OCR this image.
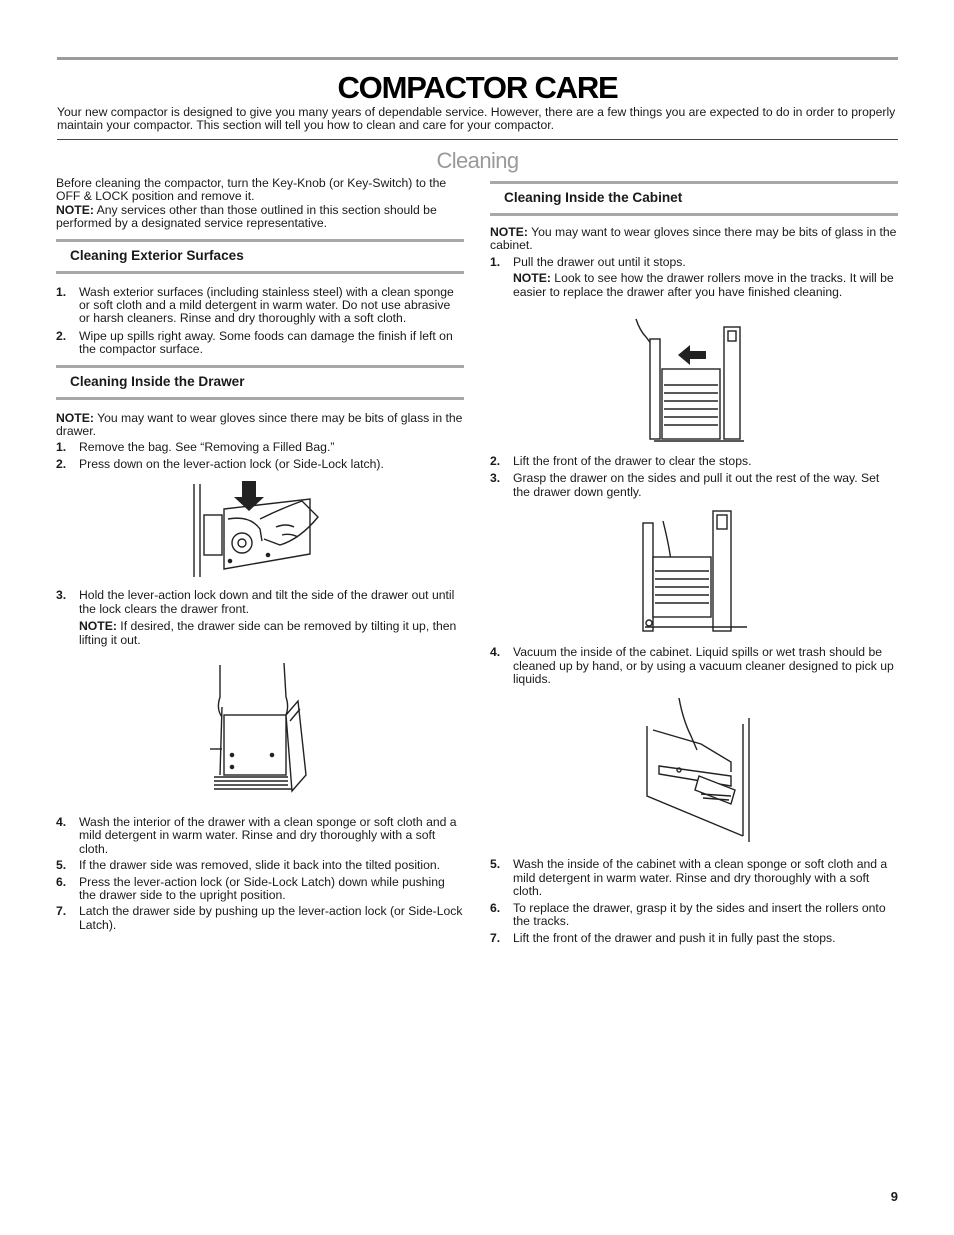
COMPACTOR CARE

Your new compactor is designed to give you many years of dependable service. However, there are a few things you are expected to do in order to properly maintain your compactor. This section will tell you how to clean and care for your compactor.

Cleaning

Before cleaning the compactor, turn the Key-Knob (or Key-Switch) to the OFF & LOCK position and remove it.

NOTE: Any services other than those outlined in this section should be performed by a designated service representative.

Cleaning Exterior Surfaces
1. Wash exterior surfaces (including stainless steel) with a clean sponge or soft cloth and a mild detergent in warm water. Do not use abrasive or harsh cleaners. Rinse and dry thoroughly with a soft cloth.
2. Wipe up spills right away. Some foods can damage the finish if left on the compactor surface.
Cleaning Inside the Drawer

NOTE: You may want to wear gloves since there may be bits of glass in the drawer.

1. Remove the bag. See “Removing a Filled Bag.”
2. Press down on the lever-action lock (or Side-Lock latch).
3. Hold the lever-action lock down and tilt the side of the drawer out until the lock clears the drawer front.

NOTE: If desired, the drawer side can be removed by tilting it up, then lifting it out.

4. Wash the interior of the drawer with a clean sponge or soft cloth and a mild detergent in warm water. Rinse and dry thoroughly with a soft cloth.
5. If the drawer side was removed, slide it back into the tilted position.
6. Press the lever-action lock (or Side-Lock Latch) down while pushing the drawer side to the upright position.
7. Latch the drawer side by pushing up the lever-action lock (or Side-Lock Latch).
Cleaning Inside the Cabinet

NOTE: You may want to wear gloves since there may be bits of glass in the cabinet.

1. Pull the drawer out until it stops.

NOTE: Look to see how the drawer rollers move in the tracks. It will be easier to replace the drawer after you have finished cleaning.

2. Lift the front of the drawer to clear the stops.
3. Grasp the drawer on the sides and pull it out the rest of the way. Set the drawer down gently.
4. Vacuum the inside of the cabinet. Liquid spills or wet trash should be cleaned up by hand, or by using a vacuum cleaner designed to pick up liquids.
5. Wash the inside of the cabinet with a clean sponge or soft cloth and a mild detergent in warm water. Rinse and dry thoroughly with a soft cloth.
6. To replace the drawer, grasp it by the sides and insert the rollers onto the tracks.
7. Lift the front of the drawer and push it in fully past the stops.
9
